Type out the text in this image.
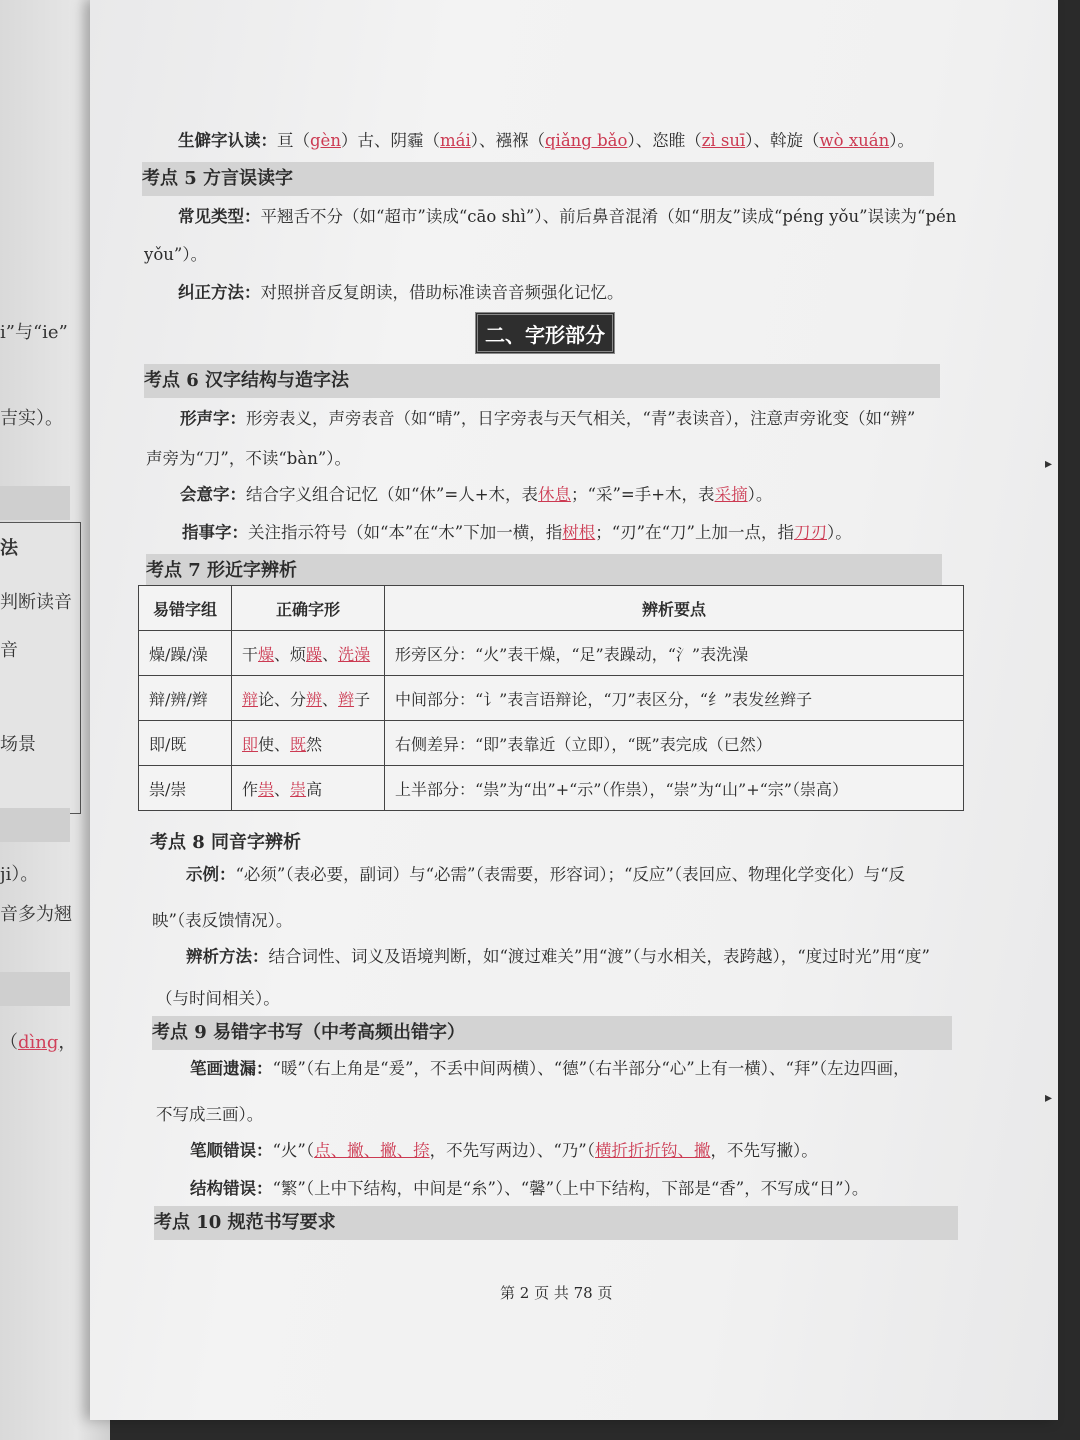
i”与“ie”
吉实）。
法
判断读音
音
场景
ji）。
音多为翘
（dìng，
生僻字认读：亘（gèn）古、阴霾（mái）、襁褓（qiǎng bǎo）、恣睢（zì suī）、斡旋（wò xuán）。
考点 5 方言误读字
常见类型：平翘舌不分（如“超市”读成“cāo shì”）、前后鼻音混淆（如“朋友”读成“péng yǒu”误读为“pén
yǒu”）。
纠正方法：对照拼音反复朗读，借助标准读音音频强化记忆。
二、字形部分
考点 6 汉字结构与造字法
形声字：形旁表义，声旁表音（如“晴”，日字旁表与天气相关，“青”表读音），注意声旁讹变（如“辨”
声旁为“刀”，不读“bàn”）。
会意字：结合字义组合记忆（如“休”=人+木，表休息；“采”=手+木，表采摘）。
指事字：关注指示符号（如“本”在“木”下加一横，指树根；“刃”在“刀”上加一点，指刀刃）。
考点 7 形近字辨析
易错字组	正确字形	辨析要点
燥/躁/澡	干燥、烦躁、洗澡	形旁区分：“火”表干燥，“足”表躁动，“氵”表洗澡
辩/辨/辫	辩论、分辨、辫子	中间部分：“讠”表言语辩论，“刀”表区分，“纟”表发丝辫子
即/既	即使、既然	右侧差异：“即”表靠近（立即），“既”表完成（已然）
祟/崇	作祟、崇高	上半部分：“祟”为“出”+“示”（作祟），“崇”为“山”+“宗”（崇高）
考点 8 同音字辨析
示例：“必须”（表必要，副词）与“必需”（表需要，形容词）；“反应”（表回应、物理化学变化）与“反
映”（表反馈情况）。
辨析方法：结合词性、词义及语境判断，如“渡过难关”用“渡”（与水相关，表跨越），“度过时光”用“度”
（与时间相关）。
考点 9 易错字书写（中考高频出错字）
笔画遗漏：“暖”（右上角是“爰”，不丢中间两横）、“德”（右半部分“心”上有一横）、“拜”（左边四画，
不写成三画）。
笔顺错误：“火”（点、撇、撇、捺，不先写两边）、“乃”（横折折折钩、撇，不先写撇）。
结构错误：“繁”（上中下结构，中间是“糸”）、“馨”（上中下结构，下部是“香”，不写成“日”）。
考点 10 规范书写要求
第 2 页 共 78 页
▸
▸
